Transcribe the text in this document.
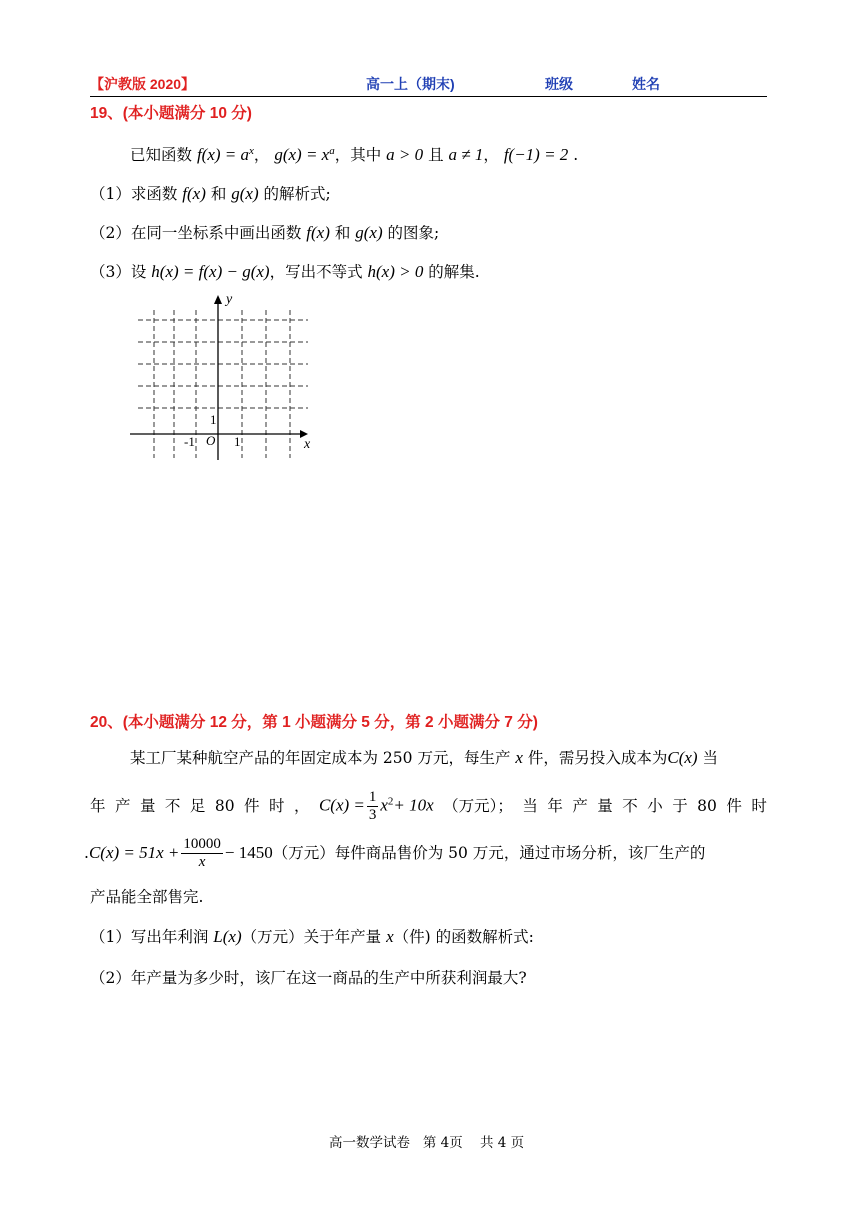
【沪教版 2020】	高一上（期末)	班级	姓名
19、(本小题满分 10 分)
已知函数 $f(x) = a^x$， $g(x) = x^a$，其中 a > 0 且 a ≠ 1， f(−1) = 2 .
（1）求函数 f(x) 和 g(x) 的解析式;
（2）在同一坐标系中画出函数 f(x) 和 g(x) 的图象;
（3）设 h(x) = f(x) − g(x)，写出不等式 h(x) > 0 的解集.
y
x
O
1
-1	1
20、(本小题满分 12 分，第 1 小题满分 5 分，第 2 小题满分 7 分)
某工厂某种航空产品的年固定成本为 250 万元，每生产 x 件，需另投入成本为C(x) 当
年 产 量 不 足 80 件 时 ， $C(x) = \frac{1}{3} x^2+ 10x$ （万元）； 当 年 产 量 不 小 于 80 件 时
. $C(x) = 51x + \frac{10000}{x} - 1450$ （万元）每件商品售价为 50 万元，通过市场分析，该厂生产的
产品能全部售完.
（1）写出年利润 L(x)（万元）关于年产量 x（件) 的函数解析式:
（2）年产量为多少时，该厂在这一商品的生产中所获利润最大?
高一数学试卷 第 4页 共 4 页
